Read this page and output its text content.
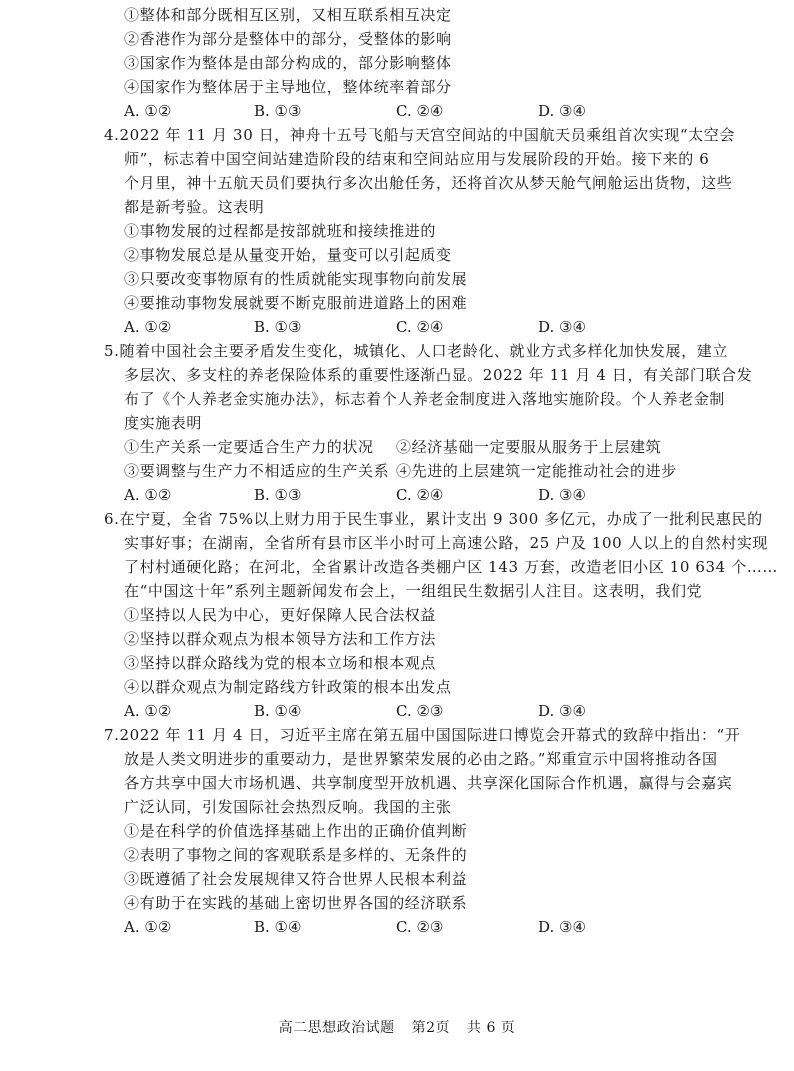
①整体和部分既相互区别，又相互联系相互决定
②香港作为部分是整体中的部分，受整体的影响
③国家作为整体是由部分构成的，部分影响整体
④国家作为整体居于主导地位，整体统率着部分
A. ①②	B. ①③	C. ②④	D. ③④
4.2022 年 11 月 30 日，神舟十五号飞船与天宫空间站的中国航天员乘组首次实现“太空会
师”，标志着中国空间站建造阶段的结束和空间站应用与发展阶段的开始。接下来的 6
个月里，神十五航天员们要执行多次出舱任务，还将首次从梦天舱气闸舱运出货物，这些
都是新考验。这表明
①事物发展的过程都是按部就班和接续推进的
②事物发展总是从量变开始，量变可以引起质变
③只要改变事物原有的性质就能实现事物向前发展
④要推动事物发展就要不断克服前进道路上的困难
A. ①②	B. ①③	C. ②④	D. ③④
5.随着中国社会主要矛盾发生变化，城镇化、人口老龄化、就业方式多样化加快发展，建立
多层次、多支柱的养老保险体系的重要性逐渐凸显。2022 年 11 月 4 日，有关部门联合发
布了《个人养老金实施办法》，标志着个人养老金制度进入落地实施阶段。个人养老金制
度实施表明
①生产关系一定要适合生产力的状况 ②经济基础一定要服从服务于上层建筑
③要调整与生产力不相适应的生产关系 ④先进的上层建筑一定能推动社会的进步
A. ①②	B. ①③	C. ②④	D. ③④
6.在宁夏，全省 75%以上财力用于民生事业，累计支出 9 300 多亿元，办成了一批利民惠民的
实事好事；在湖南，全省所有县市区半小时可上高速公路，25 户及 100 人以上的自然村实现
了村村通硬化路；在河北，全省累计改造各类棚户区 143 万套，改造老旧小区 10 634 个……
在“中国这十年”系列主题新闻发布会上，一组组民生数据引人注目。这表明，我们党
①坚持以人民为中心，更好保障人民合法权益
②坚持以群众观点为根本领导方法和工作方法
③坚持以群众路线为党的根本立场和根本观点
④以群众观点为制定路线方针政策的根本出发点
A. ①②	B. ①④	C. ②③	D. ③④
7.2022 年 11 月 4 日，习近平主席在第五届中国国际进口博览会开幕式的致辞中指出：“开
放是人类文明进步的重要动力，是世界繁荣发展的必由之路。”郑重宣示中国将推动各国
各方共享中国大市场机遇、共享制度型开放机遇、共享深化国际合作机遇，赢得与会嘉宾
广泛认同，引发国际社会热烈反响。我国的主张
①是在科学的价值选择基础上作出的正确价值判断
②表明了事物之间的客观联系是多样的、无条件的
③既遵循了社会发展规律又符合世界人民根本利益
④有助于在实践的基础上密切世界各国的经济联系
A. ①②	B. ①④	C. ②③	D. ③④
高二思想政治试题 第2页 共 6 页
